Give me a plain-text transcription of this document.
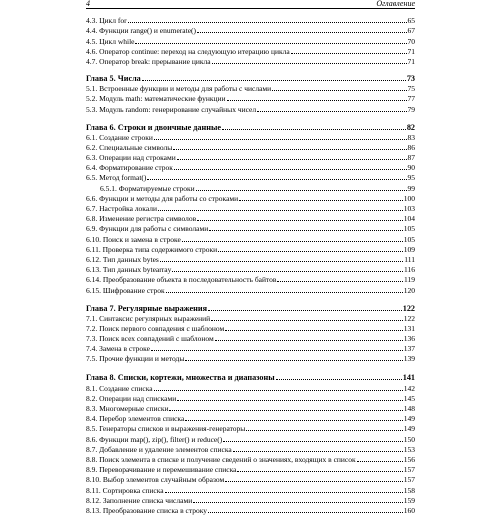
4	Оглавление
4.3. Цикл for	65
4.4. Функции range() и enumerate()	67
4.5. Цикл while	70
4.6. Оператор continue: переход на следующую итерацию цикла	71
4.7. Оператор break: прерывание цикла	71
Глава 5. Числа	73
5.1. Встроенные функции и методы для работы с числами	75
5.2. Модуль math: математические функции	77
5.3. Модуль random: генерирование случайных чисел	79
Глава 6. Строки и двоичные данные	82
6.1. Создание строки	83
6.2. Специальные символы	86
6.3. Операции над строками	87
6.4. Форматирование строк	90
6.5. Метод format()	95
6.5.1. Форматируемые строки	99
6.6. Функции и методы для работы со строками	100
6.7. Настройка локали	103
6.8. Изменение регистра символов	104
6.9. Функции для работы с символами	105
6.10. Поиск и замена в строке	105
6.11. Проверка типа содержимого строки	109
6.12. Тип данных bytes	111
6.13. Тип данных bytearray	116
6.14. Преобразование объекта в последовательность байтов	119
6.15. Шифрование строк	120
Глава 7. Регулярные выражения	122
7.1. Синтаксис регулярных выражений	122
7.2. Поиск первого совпадения с шаблоном	131
7.3. Поиск всех совпадений с шаблоном	136
7.4. Замена в строке	137
7.5. Прочие функции и методы	139
Глава 8. Списки, кортежи, множества и диапазоны	141
8.1. Создание списка	142
8.2. Операции над списками	145
8.3. Многомерные списки	148
8.4. Перебор элементов списка	149
8.5. Генераторы списков и выражения-генераторы	149
8.6. Функции map(), zip(), filter() и reduce()	150
8.7. Добавление и удаление элементов списка	153
8.8. Поиск элемента в списке и получение сведений о значениях, входящих в список	156
8.9. Переворачивание и перемешивание списка	157
8.10. Выбор элементов случайным образом	157
8.11. Сортировка списка	158
8.12. Заполнение списка числами	159
8.13. Преобразование списка в строку	160
